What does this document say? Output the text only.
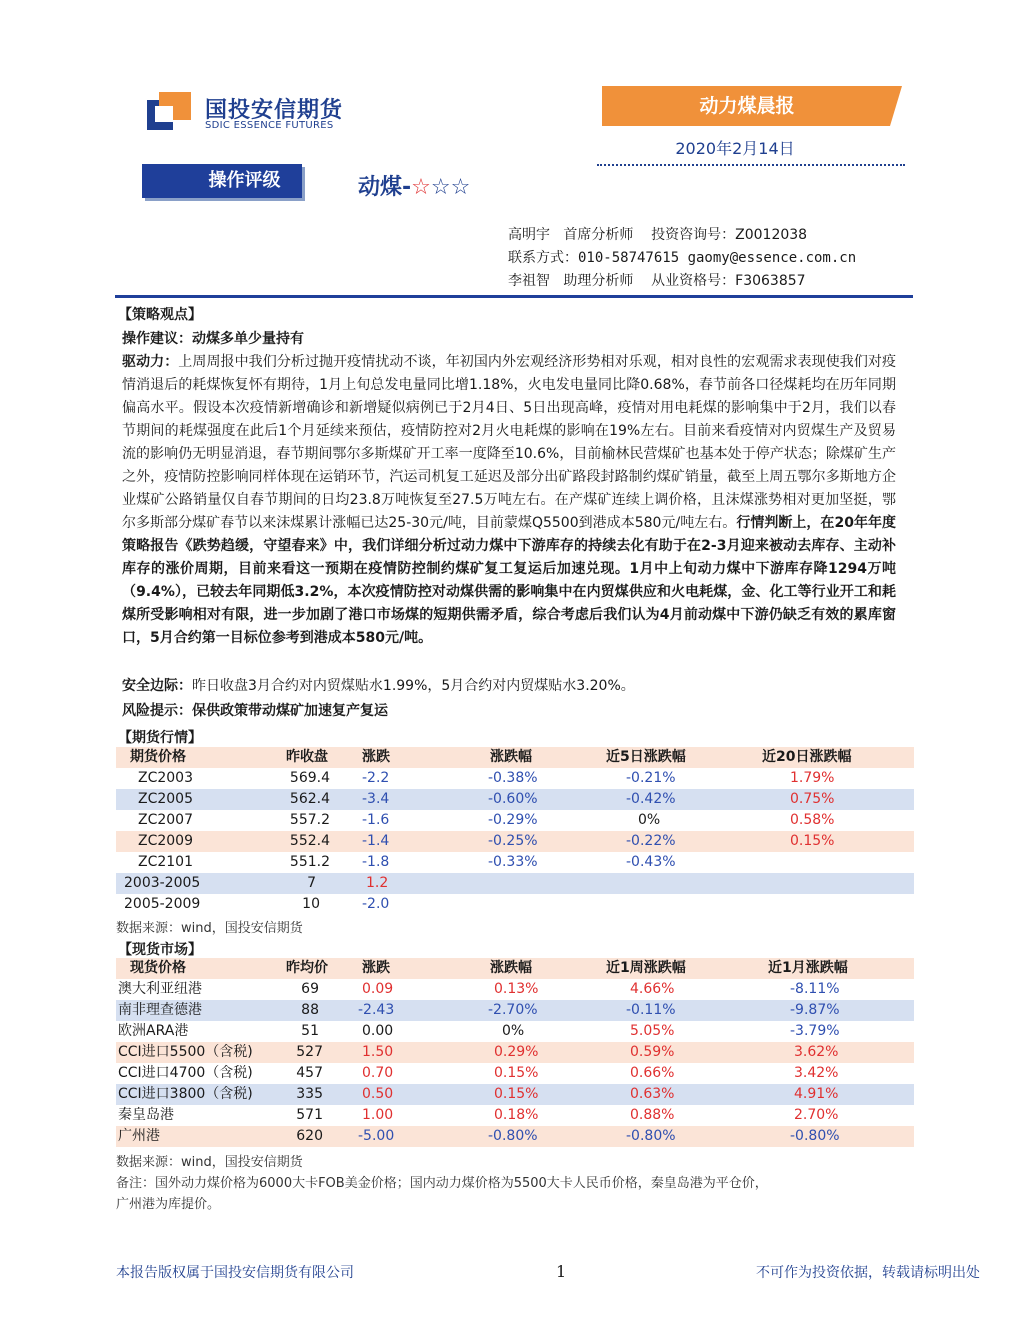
国投安信期货
SDIC ESSENCE FUTURES
动力煤晨报
2020年2月14日
操作评级	动煤-☆☆☆
高明宇   首席分析师    投资咨询号：Z0012038
联系方式：010-58747615 gaomy@essence.com.cn
李祖智   助理分析师    从业资格号：F3063857
【策略观点】
操作建议：动煤多单少量持有
驱动力：上周周报中我们分析过抛开疫情扰动不谈，年初国内外宏观经济形势相对乐观，相对良性的宏观需求表现使我们对疫情消退后的耗煤恢复怀有期待，1月上旬总发电量同比增1.18%，火电发电量同比降0.68%，春节前各口径煤耗均在历年同期偏高水平。假设本次疫情新增确诊和新增疑似病例已于2月4日、5日出现高峰，疫情对用电耗煤的影响集中于2月，我们以春节期间的耗煤强度在此后1个月延续来预估，疫情防控对2月火电耗煤的影响在19%左右。目前来看疫情对内贸煤生产及贸易流的影响仍无明显消退，春节期间鄂尔多斯煤矿开工率一度降至10.6%，目前榆林民营煤矿也基本处于停产状态；除煤矿生产之外，疫情防控影响同样体现在运销环节，汽运司机复工延迟及部分出矿路段封路制约煤矿销量，截至上周五鄂尔多斯地方企业煤矿公路销量仅自春节期间的日均23.8万吨恢复至27.5万吨左右。在产煤矿连续上调价格，且沫煤涨势相对更加坚挺，鄂尔多斯部分煤矿春节以来沫煤累计涨幅已达25-30元/吨，目前蒙煤Q5500到港成本580元/吨左右。行情判断上，在20年年度策略报告《跌势趋缓，守望春来》中，我们详细分析过动力煤中下游库存的持续去化有助于在2-3月迎来被动去库存、主动补库存的涨价周期，目前来看这一预期在疫情防控制约煤矿复工复运后加速兑现。1月中上旬动力煤中下游库存降1294万吨（9.4%），已较去年同期低3.2%，本次疫情防控对动煤供需的影响集中在内贸煤供应和火电耗煤，金、化工等行业开工和耗煤所受影响相对有限，进一步加剧了港口市场煤的短期供需矛盾，综合考虑后我们认为4月前动煤中下游仍缺乏有效的累库窗口，5月合约第一目标位参考到港成本580元/吨。
安全边际：昨日收盘3月合约对内贸煤贴水1.99%，5月合约对内贸煤贴水3.20%。
风险提示：保供政策带动煤矿加速复产复运
【期货行情】
期货价格	昨收盘 涨跌	涨跌幅	近5日涨跌幅	近20日涨跌幅
ZC2003	569.4 -2.2	-0.38%	-0.21%	1.79%
ZC2005	562.4 -3.4	-0.60%	-0.42%	0.75%
ZC2007	557.2 -1.6	-0.29%	0%	0.58%
ZC2009	552.4 -1.4	-0.25%	-0.22%	0.15%
ZC2101	551.2 -1.8	-0.33%	-0.43%
2003-2005	7	1.2
2005-2009	10	-2.0
数据来源：wind，国投安信期货
【现货市场】
现货价格	昨均价 涨跌	涨跌幅	近1周涨跌幅	近1月涨跌幅
澳大利亚纽港	69	0.09	0.13%	4.66%	-8.11%
南非理查德港	88	-2.43	-2.70%	-0.11%	-9.87%
欧洲ARA港	51	0.00	0%	5.05%	-3.79%
CCI进口5500（含税)	527	1.50	0.29%	0.59%	3.62%
CCI进口4700（含税)	457	0.70	0.15%	0.66%	3.42%
CCI进口3800（含税)	335	0.50	0.15%	0.63%	4.91%
秦皇岛港	571	1.00	0.18%	0.88%	2.70%
广州港	620	-5.00	-0.80%	-0.80%	-0.80%
数据来源：wind，国投安信期货
备注：国外动力煤价格为6000大卡FOB美金价格；国内动力煤价格为5500大卡人民币价格，秦皇岛港为平仓价，
广州港为库提价。
本报告版权属于国投安信期货有限公司	1	不可作为投资依据，转载请标明出处
